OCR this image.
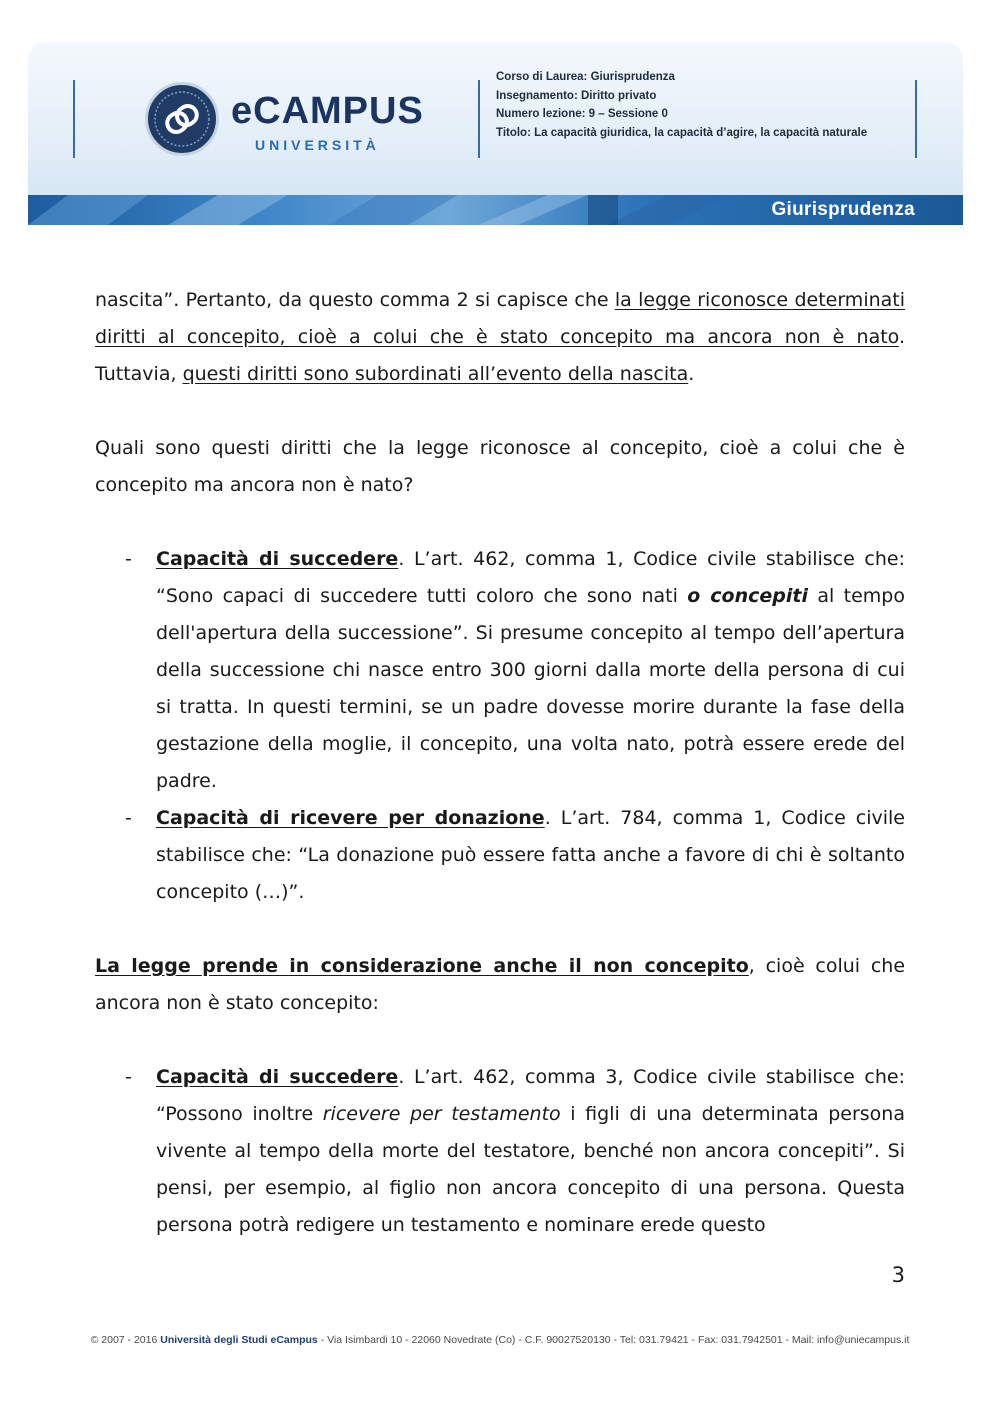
eCAMPUS
UNIVERSITÀ
Corso di Laurea: Giurisprudenza
Insegnamento: Diritto privato
Numero lezione: 9 – Sessione 0
Titolo: La capacità giuridica, la capacità d’agire, la capacità naturale
Giurisprudenza

nascita”. Pertanto, da questo comma 2 si capisce che la legge riconosce determinati diritti al concepito, cioè a colui che è stato concepito ma ancora non è nato. Tuttavia, questi diritti sono subordinati all’evento della nascita.

Quali sono questi diritti che la legge riconosce al concepito, cioè a colui che è concepito ma ancora non è nato?

- Capacità di succedere. L’art. 462, comma 1, Codice civile stabilisce che: “Sono capaci di succedere tutti coloro che sono nati o concepiti al tempo dell'apertura della successione”. Si presume concepito al tempo dell’apertura della successione chi nasce entro 300 giorni dalla morte della persona di cui si tratta. In questi termini, se un padre dovesse morire durante la fase della gestazione della moglie, il concepito, una volta nato, potrà essere erede del padre.

- Capacità di ricevere per donazione. L’art. 784, comma 1, Codice civile stabilisce che: “La donazione può essere fatta anche a favore di chi è soltanto concepito (…)”.

La legge prende in considerazione anche il non concepito, cioè colui che ancora non è stato concepito:

- Capacità di succedere. L’art. 462, comma 3, Codice civile stabilisce che: “Possono inoltre ricevere per testamento i figli di una determinata persona vivente al tempo della morte del testatore, benché non ancora concepiti”. Si pensi, per esempio, al figlio non ancora concepito di una persona. Questa persona potrà redigere un testamento e nominare erede questo

3
© 2007 - 2016 Università degli Studi eCampus - Via Isimbardi 10 - 22060 Novedrate (Co) - C.F. 90027520130 - Tel: 031.79421 - Fax: 031.7942501 - Mail: info@uniecampus.it
